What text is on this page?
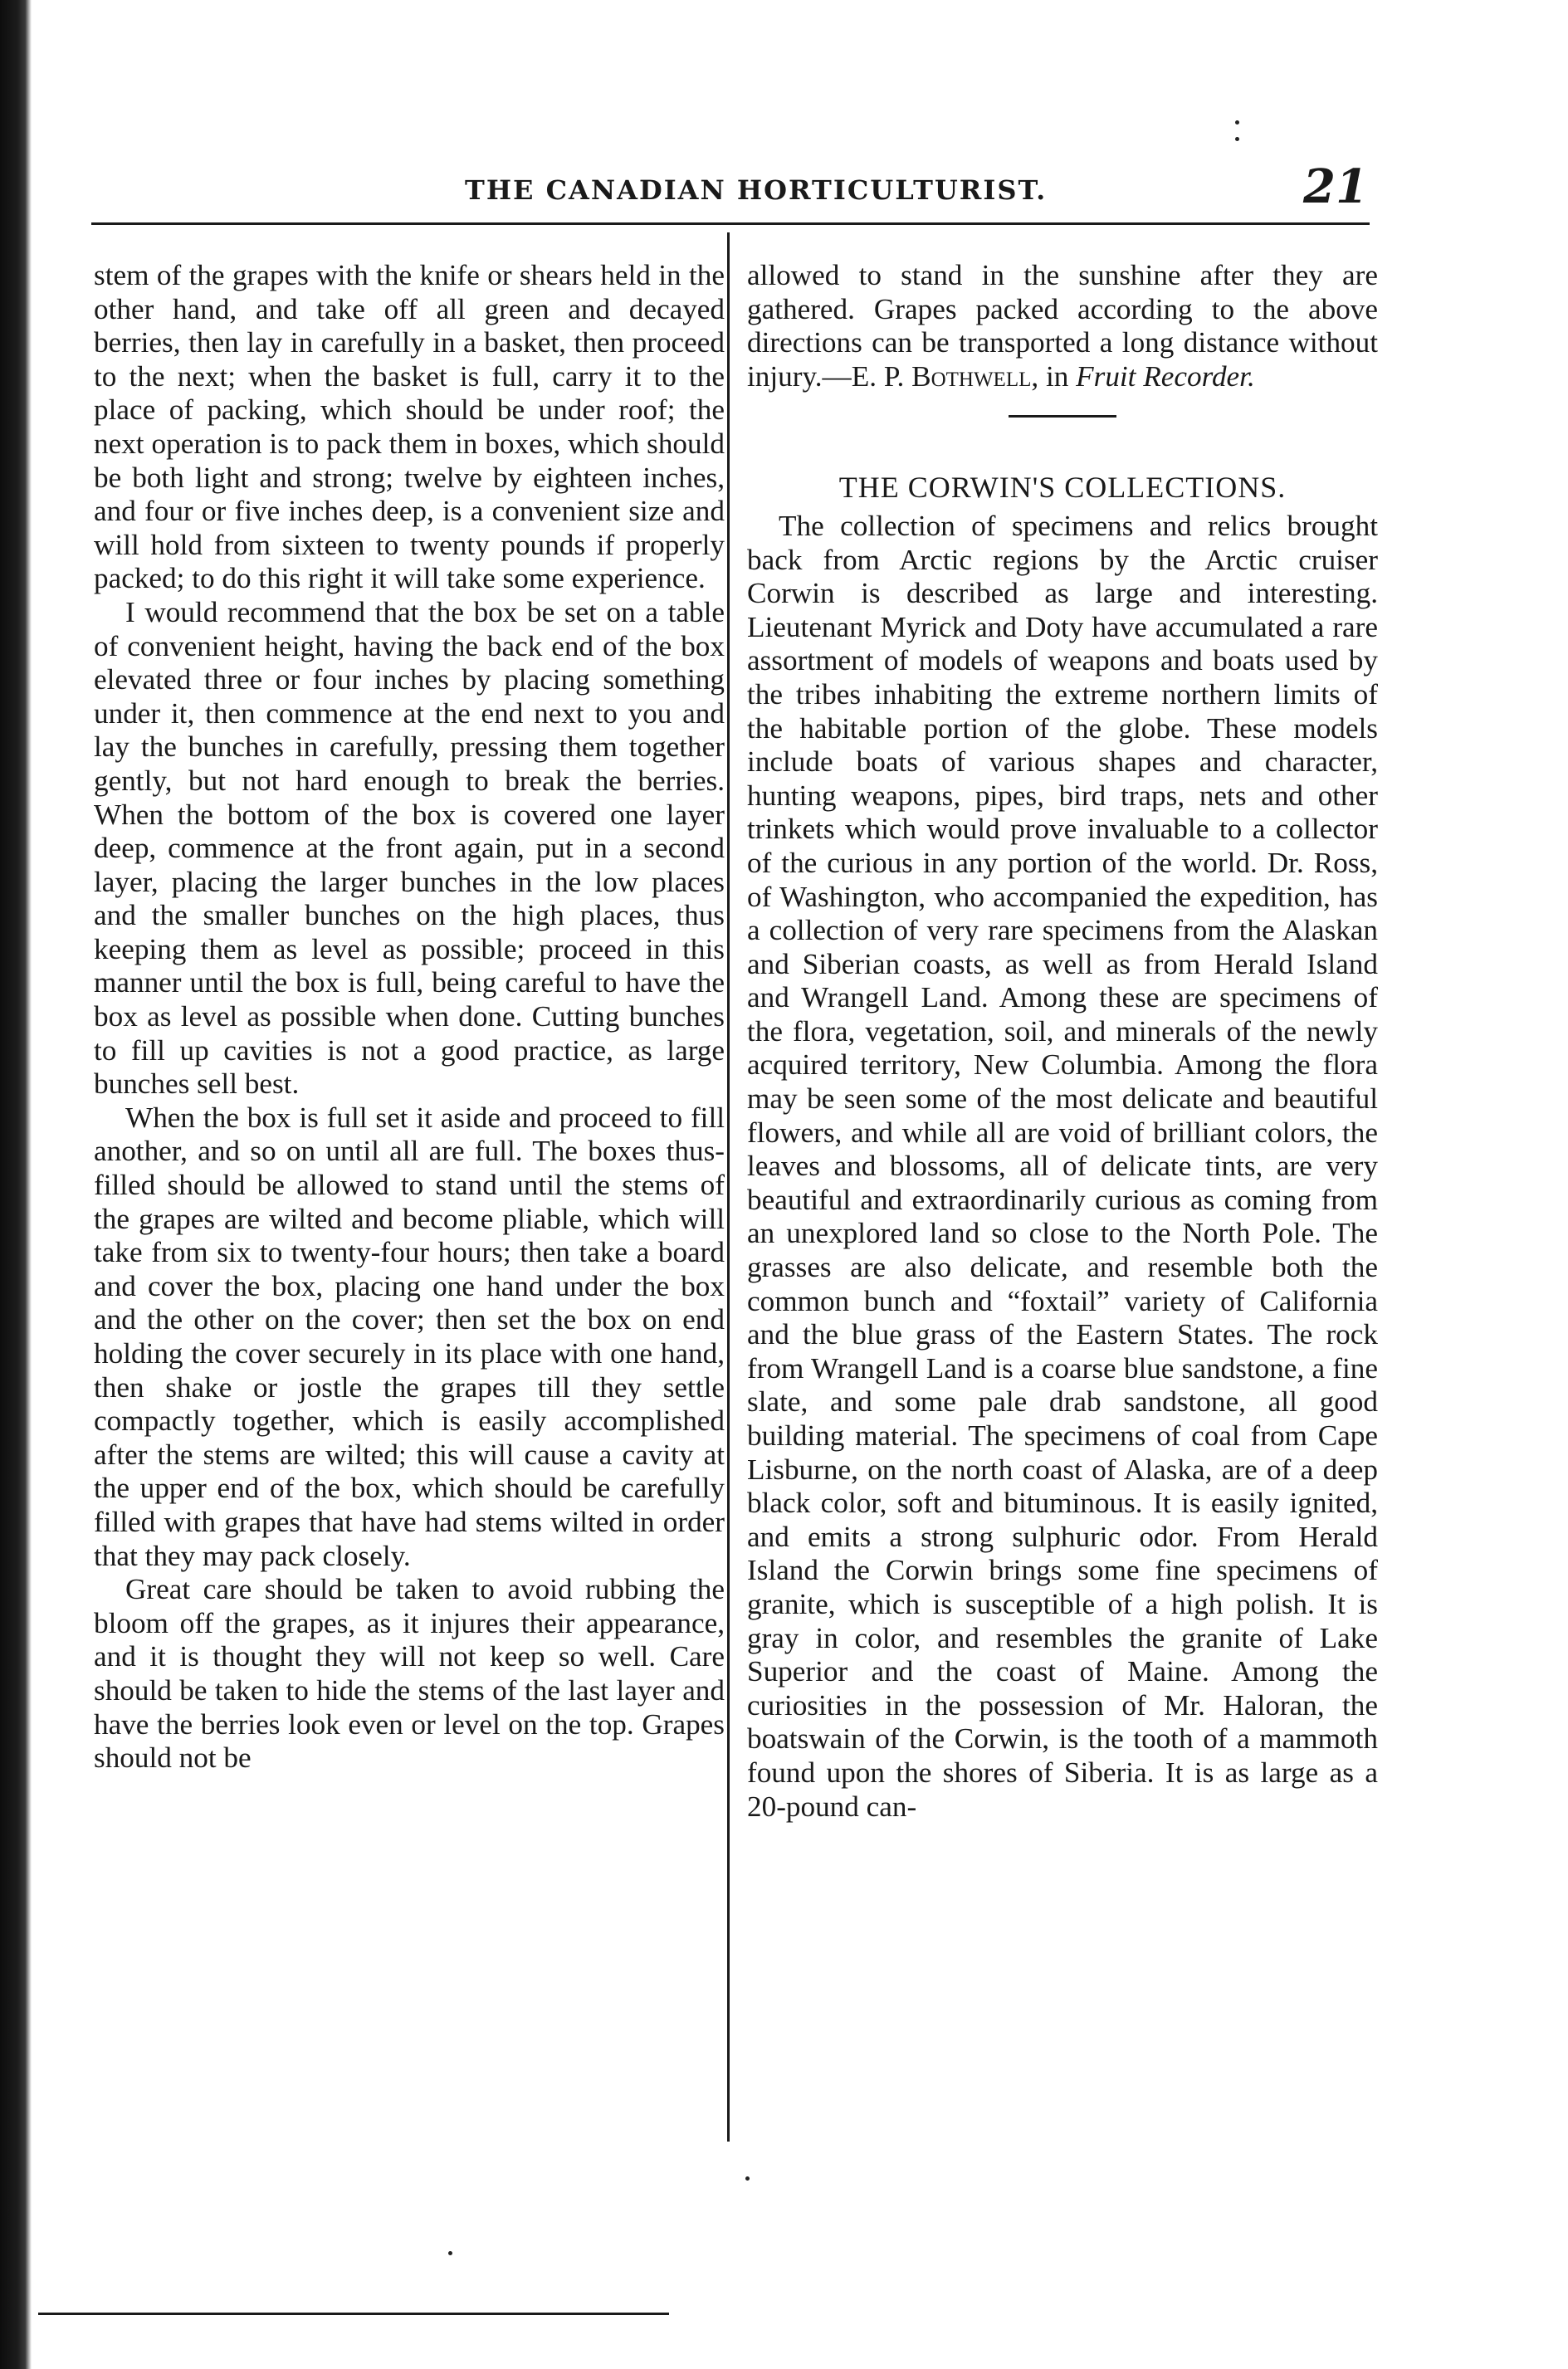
THE CANADIAN HORTICULTURIST.	21

stem of the grapes with the knife or shears held in the other hand, and take off all green and decayed berries, then lay in carefully in a basket, then proceed to the next; when the basket is full, carry it to the place of packing, which should be under roof; the next operation is to pack them in boxes, which should be both light and strong; twelve by eighteen inches, and four or five inches deep, is a convenient size and will hold from sixteen to twenty pounds if properly packed; to do this right it will take some experience.

I would recommend that the box be set on a table of convenient height, having the back end of the box elevated three or four inches by placing something under it, then commence at the end next to you and lay the bunches in carefully, pressing them together gently, but not hard enough to break the berries. When the bottom of the box is covered one layer deep, commence at the front again, put in a second layer, placing the larger bunches in the low places and the smaller bunches on the high places, thus keeping them as level as possible; proceed in this manner until the box is full, being careful to have the box as level as possible when done. Cutting bunches to fill up cavities is not a good practice, as large bunches sell best.

When the box is full set it aside and proceed to fill another, and so on until all are full. The boxes thus-filled should be allowed to stand until the stems of the grapes are wilted and become pliable, which will take from six to twenty-four hours; then take a board and cover the box, placing one hand under the box and the other on the cover; then set the box on end holding the cover securely in its place with one hand, then shake or jostle the grapes till they settle compactly together, which is easily accomplished after the stems are wilted; this will cause a cavity at the upper end of the box, which should be carefully filled with grapes that have had stems wilted in order that they may pack closely.

Great care should be taken to avoid rubbing the bloom off the grapes, as it injures their appearance, and it is thought they will not keep so well. Care should be taken to hide the stems of the last layer and have the berries look even or level on the top. Grapes should not be

allowed to stand in the sunshine after they are gathered. Grapes packed according to the above directions can be transported a long distance without injury.—E. P. Bothwell, in Fruit Recorder.

THE CORWIN'S COLLECTIONS.

The collection of specimens and relics brought back from Arctic regions by the Arctic cruiser Corwin is described as large and interesting. Lieutenant Myrick and Doty have accumulated a rare assortment of models of weapons and boats used by the tribes inhabiting the extreme northern limits of the habitable portion of the globe. These models include boats of various shapes and character, hunting weapons, pipes, bird traps, nets and other trinkets which would prove invaluable to a collector of the curious in any portion of the world. Dr. Ross, of Washington, who accompanied the expedition, has a collection of very rare specimens from the Alaskan and Siberian coasts, as well as from Herald Island and Wrangell Land. Among these are specimens of the flora, vegetation, soil, and minerals of the newly acquired territory, New Columbia. Among the flora may be seen some of the most delicate and beautiful flowers, and while all are void of brilliant colors, the leaves and blossoms, all of delicate tints, are very beautiful and extraordinarily curious as coming from an unexplored land so close to the North Pole. The grasses are also delicate, and resemble both the common bunch and “foxtail” variety of California and the blue grass of the Eastern States. The rock from Wrangell Land is a coarse blue sandstone, a fine slate, and some pale drab sandstone, all good building material. The specimens of coal from Cape Lisburne, on the north coast of Alaska, are of a deep black color, soft and bituminous. It is easily ignited, and emits a strong sulphuric odor. From Herald Island the Corwin brings some fine specimens of granite, which is susceptible of a high polish. It is gray in color, and resembles the granite of Lake Superior and the coast of Maine. Among the curiosities in the possession of Mr. Haloran, the boatswain of the Corwin, is the tooth of a mammoth found upon the shores of Siberia. It is as large as a 20-pound can-
